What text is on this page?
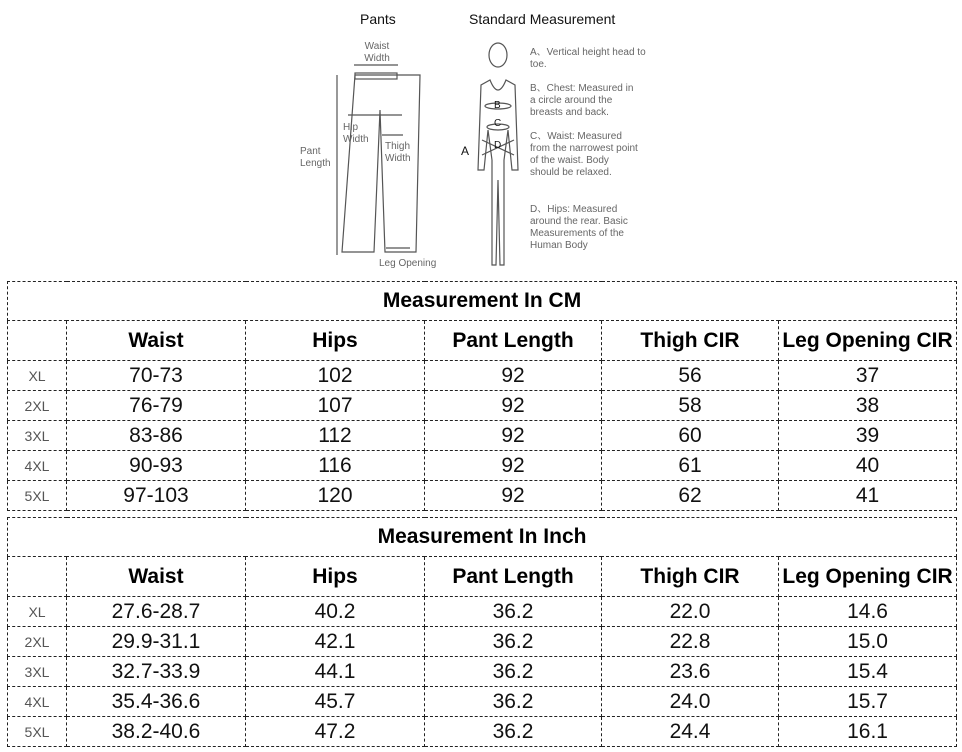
Pants	Standard Measurement
Waist Width
Hip Width
Thigh Width
Pant Length
Leg Opening
A
B
C
D
A、Vertical height head to toe.
B、Chest: Measured in a circle around the breasts and back.
C、Waist: Measured from the narrowest point of the waist. Body should be relaxed.
D、Hips: Measured around the rear. Basic Measurements of the Human Body
Measurement In CM					
	Waist	Hips	Pant Length	Thigh CIR	Leg Opening CIR
XL	70-73	102	92	56	37
2XL	76-79	107	92	58	38
3XL	83-86	112	92	60	39
4XL	90-93	116	92	61	40
5XL	97-103	120	92	62	41
Measurement In Inch					
	Waist	Hips	Pant Length	Thigh CIR	Leg Opening CIR
XL	27.6-28.7	40.2	36.2	22.0	14.6
2XL	29.9-31.1	42.1	36.2	22.8	15.0
3XL	32.7-33.9	44.1	36.2	23.6	15.4
4XL	35.4-36.6	45.7	36.2	24.0	15.7
5XL	38.2-40.6	47.2	36.2	24.4	16.1
